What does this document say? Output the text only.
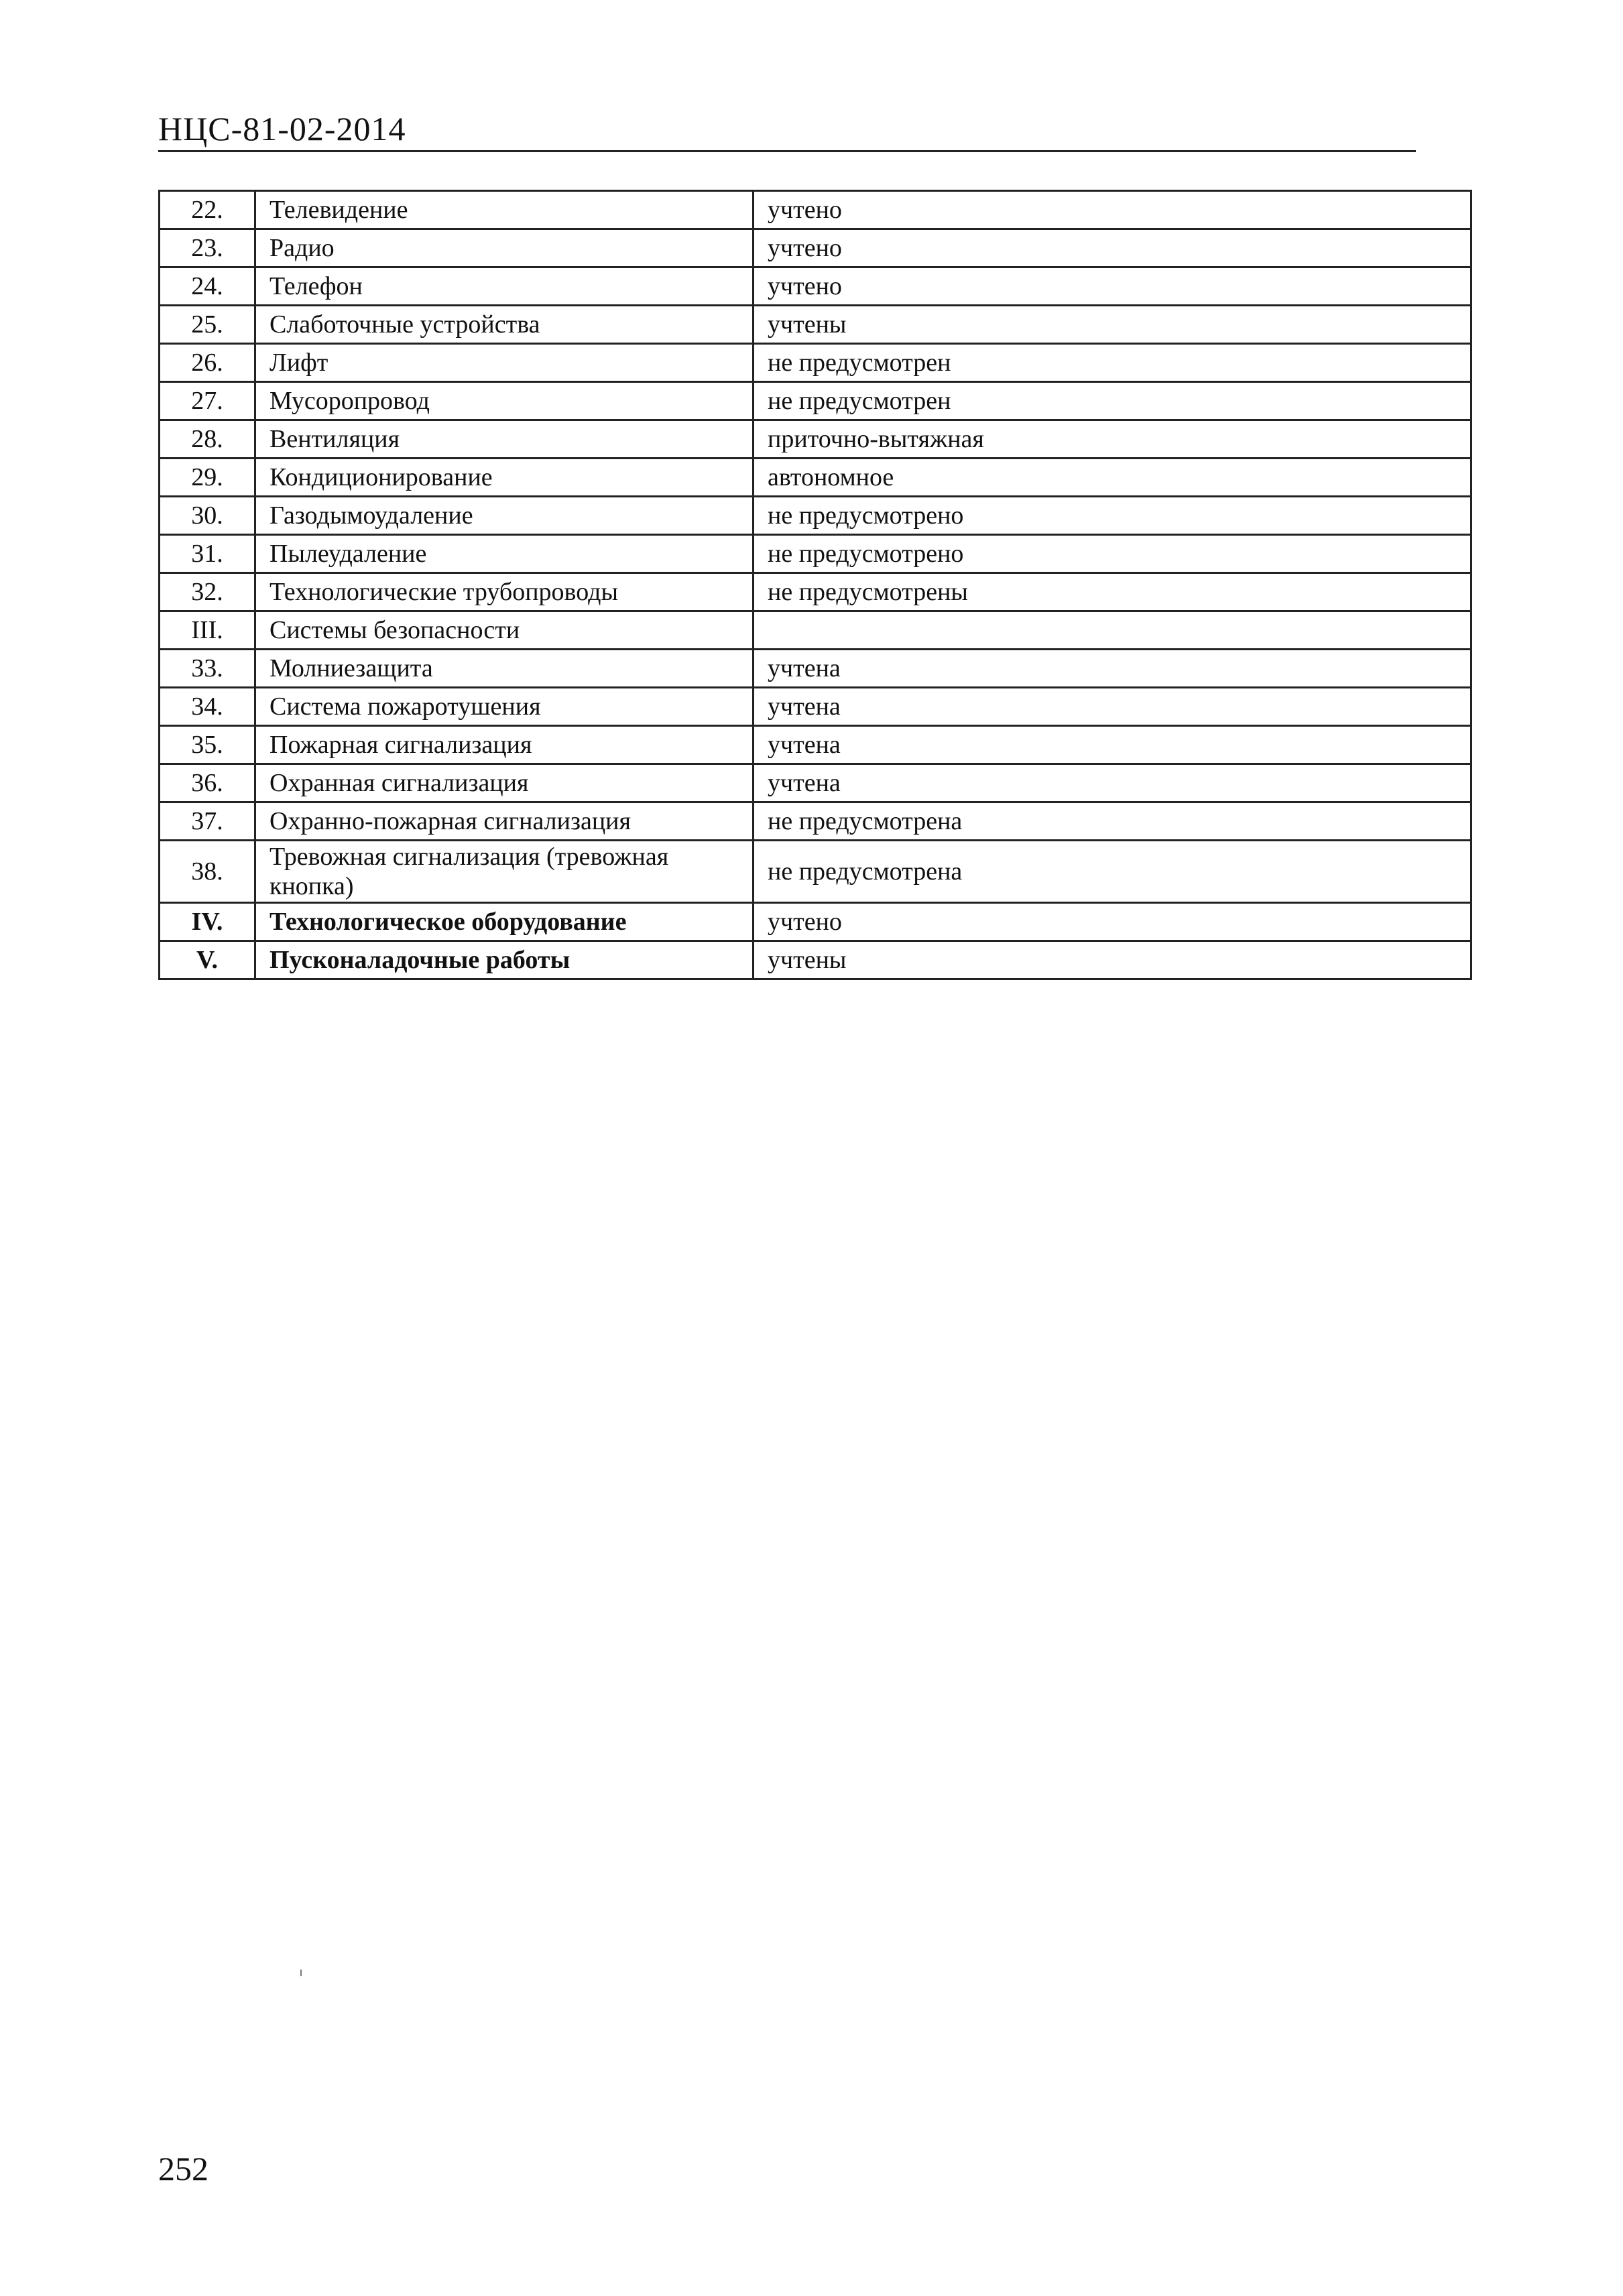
НЦС-81-02-2014
22.	Телевидение	учтено
23.	Радио	учтено
24.	Телефон	учтено
25.	Слаботочные устройства	учтены
26.	Лифт	не предусмотрен
27.	Мусоропровод	не предусмотрен
28.	Вентиляция	приточно-вытяжная
29.	Кондиционирование	автономное
30.	Газодымоудаление	не предусмотрено
31.	Пылеудаление	не предусмотрено
32.	Технологические трубопроводы	не предусмотрены
III.	Системы безопасности	
33.	Молниезащита	учтена
34.	Система пожаротушения	учтена
35.	Пожарная сигнализация	учтена
36.	Охранная сигнализация	учтена
37.	Охранно-пожарная сигнализация	не предусмотрена
38.	Тревожная сигнализация (тревожная кнопка)	не предусмотрена
IV.	Технологическое оборудование	учтено
V.	Пусконаладочные работы	учтены
252
